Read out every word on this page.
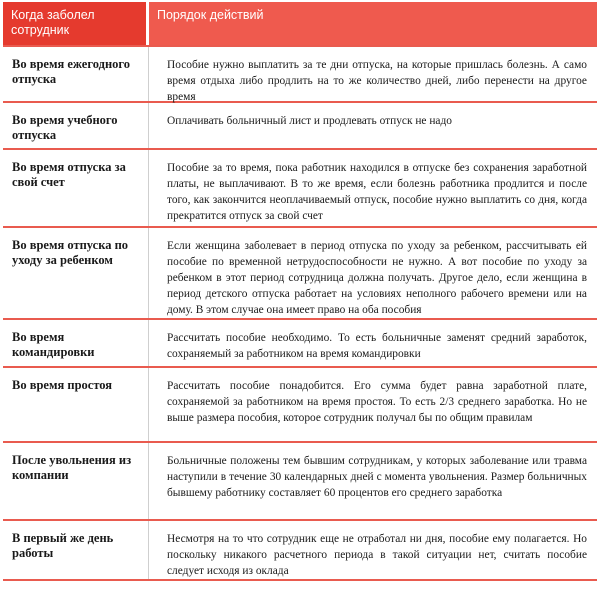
Когда заболел сотрудник
Порядок действий
Во время ежегодного отпуска
Пособие нужно выплатить за те дни отпуска, на которые пришлась болезнь. А само время отдыха либо продлить на то же количество дней, либо перенести на другое время
Во время учебного отпуска
Оплачивать больничный лист и продлевать отпуск не надо
Во время отпуска за свой счет
Пособие за то время, пока работник находился в отпуске без сохранения заработной платы, не выплачивают. В то же время, если болезнь работника продлится и после того, как закончится неоплачиваемый отпуск, пособие нужно выплатить со дня, когда прекратится отпуск за свой счет
Во время отпуска по уходу за ребенком
Если женщина заболевает в период отпуска по уходу за ребенком, рассчитывать ей пособие по временной нетрудоспособности не нужно. А вот пособие по уходу за ребенком в этот период сотрудница должна получать. Другое дело, если женщина в период детского отпуска работает на условиях неполного рабочего времени или на дому. В этом случае она имеет право на оба пособия
Во время командировки
Рассчитать пособие необходимо. То есть больничные заменят средний заработок, сохраняемый за работником на время командировки
Во время простоя	Рассчитать пособие понадобится. Его сумма будет равна заработной плате, сохраняемой за работником на время простоя. То есть 2/3 среднего заработка. Но не выше размера пособия, которое сотрудник получал бы по общим правилам
После увольнения из компании
Больничные положены тем бывшим сотрудникам, у которых заболевание или травма наступили в течение 30 календарных дней с момента увольнения. Размер больничных бывшему работнику составляет 60 процентов его среднего заработка
В первый же день работы
Несмотря на то что сотрудник еще не отработал ни дня, пособие ему полагается. Но поскольку никакого расчетного периода в такой ситуации нет, считать пособие следует исходя из оклада
